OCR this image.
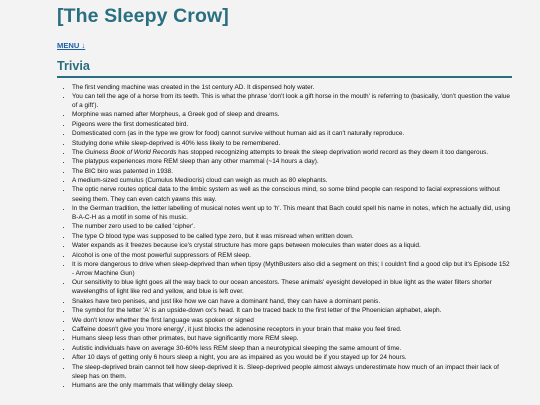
[The Sleepy Crow]
MENU ↓
Trivia
• The first vending machine was created in the 1st century AD. It dispensed holy water.
• You can tell the age of a horse from its teeth. This is what the phrase 'don't look a gift horse in the mouth' is referring to (basically, 'don't question the value of a gift').
• Morphine was named after Morpheus, a Greek god of sleep and dreams.
• Pigeons were the first domesticated bird.
• Domesticated corn (as in the type we grow for food) cannot survive without human aid as it can't naturally reproduce.
• Studying done while sleep-deprived is 40% less likely to be remembered.
• The Guiness Book of World Records has stopped recognizing attempts to break the sleep deprivation world record as they deem it too dangerous.
• The platypus experiences more REM sleep than any other mammal (~14 hours a day).
• The BIC biro was patented in 1938.
• A medium-sized cumulus (Cumulus Mediocris) cloud can weigh as much as 80 elephants.
• The optic nerve routes optical data to the limbic system as well as the conscious mind, so some blind people can respond to facial expressions without seeing them. They can even catch yawns this way.
• In the German tradition, the letter labelling of musical notes went up to 'h'. This meant that Bach could spell his name in notes, which he actually did, using B-A-C-H as a motif in some of his music.
• The number zero used to be called 'cipher'.
• The type O blood type was supposed to be called type zero, but it was misread when written down.
• Water expands as it freezes because ice's crystal structure has more gaps between molecules than water does as a liquid.
• Alcohol is one of the most powerful suppressors of REM sleep.
• It is more dangerous to drive when sleep-deprived than when tipsy (MythBusters also did a segment on this; I couldn't find a good clip but it's Episode 152 - Arrow Machine Gun)
• Our sensitivity to blue light goes all the way back to our ocean ancestors. These animals' eyesight developed in blue light as the water filters shorter wavelengths of light like red and yellow, and blue is left over.
• Snakes have two penises, and just like how we can have a dominant hand, they can have a dominant penis.
• The symbol for the letter 'A' is an upside-down ox's head. It can be traced back to the first letter of the Phoenician alphabet, aleph.
• We don't know whether the first language was spoken or signed
• Caffeine doesn't give you 'more energy', it just blocks the adenosine receptors in your brain that make you feel tired.
• Humans sleep less than other primates, but have significantly more REM sleep.
• Autistic individuals have on average 30-60% less REM sleep than a neurotypical sleeping the same amount of time.
• After 10 days of getting only 6 hours sleep a night, you are as impaired as you would be if you stayed up for 24 hours.
• The sleep-deprived brain cannot tell how sleep-deprived it is. Sleep-deprived people almost always underestimate how much of an impact their lack of sleep has on them.
• Humans are the only mammals that willingly delay sleep.
